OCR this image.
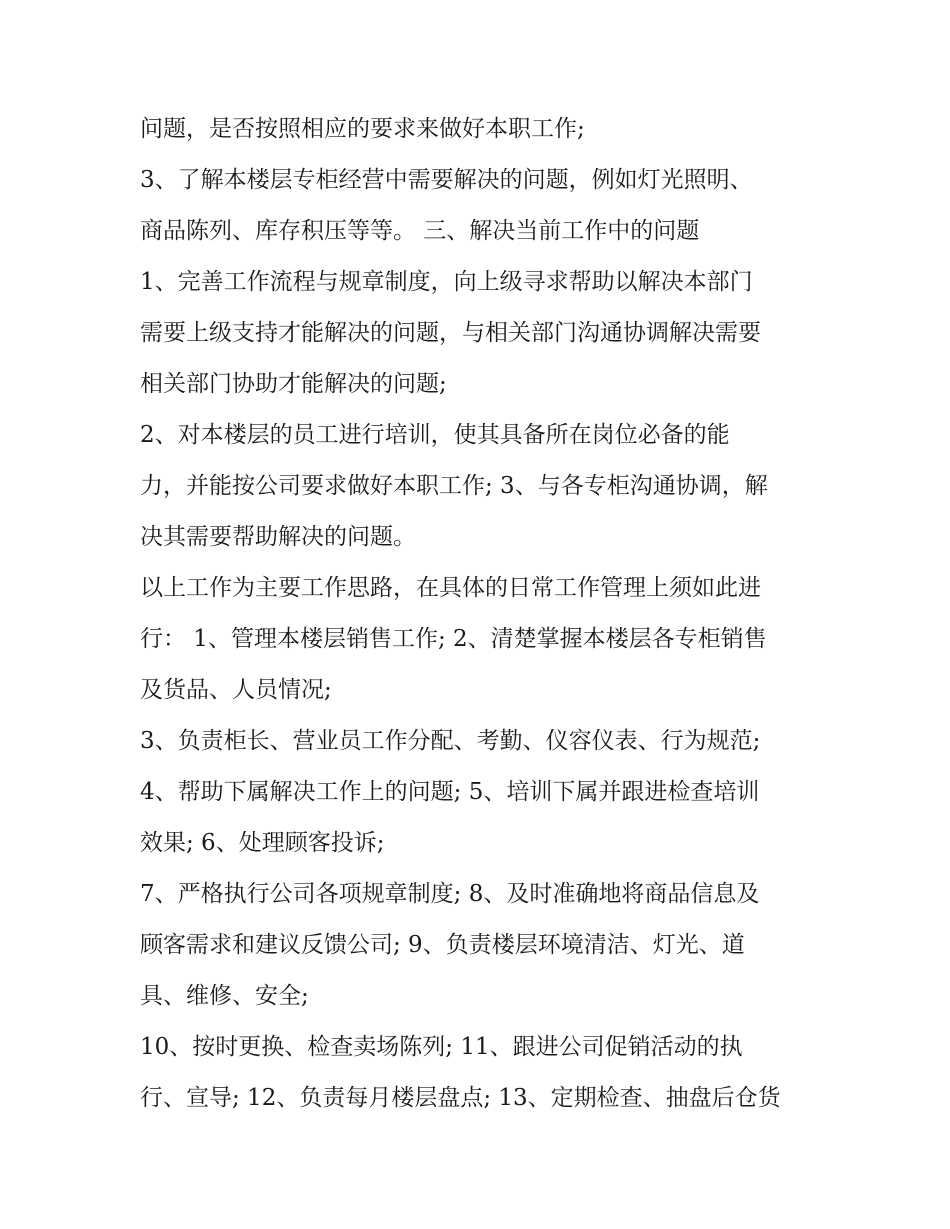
问题，是否按照相应的要求来做好本职工作;
3、了解本楼层专柜经营中需要解决的问题，例如灯光照明、
商品陈列、库存积压等等。 三、解决当前工作中的问题
1、完善工作流程与规章制度，向上级寻求帮助以解决本部门
需要上级支持才能解决的问题，与相关部门沟通协调解决需要
相关部门协助才能解决的问题;
2、对本楼层的员工进行培训，使其具备所在岗位必备的能
力，并能按公司要求做好本职工作; 3、与各专柜沟通协调，解
决其需要帮助解决的问题。
以上工作为主要工作思路，在具体的日常工作管理上须如此进
行： 1、管理本楼层销售工作; 2、清楚掌握本楼层各专柜销售
及货品、人员情况;
3、负责柜长、营业员工作分配、考勤、仪容仪表、行为规范;
4、帮助下属解决工作上的问题; 5、培训下属并跟进检查培训
效果; 6、处理顾客投诉;
7、严格执行公司各项规章制度; 8、及时准确地将商品信息及
顾客需求和建议反馈公司; 9、负责楼层环境清洁、灯光、道
具、维修、安全;
10、按时更换、检查卖场陈列; 11、跟进公司促销活动的执
行、宣导; 12、负责每月楼层盘点; 13、定期检查、抽盘后仓货
